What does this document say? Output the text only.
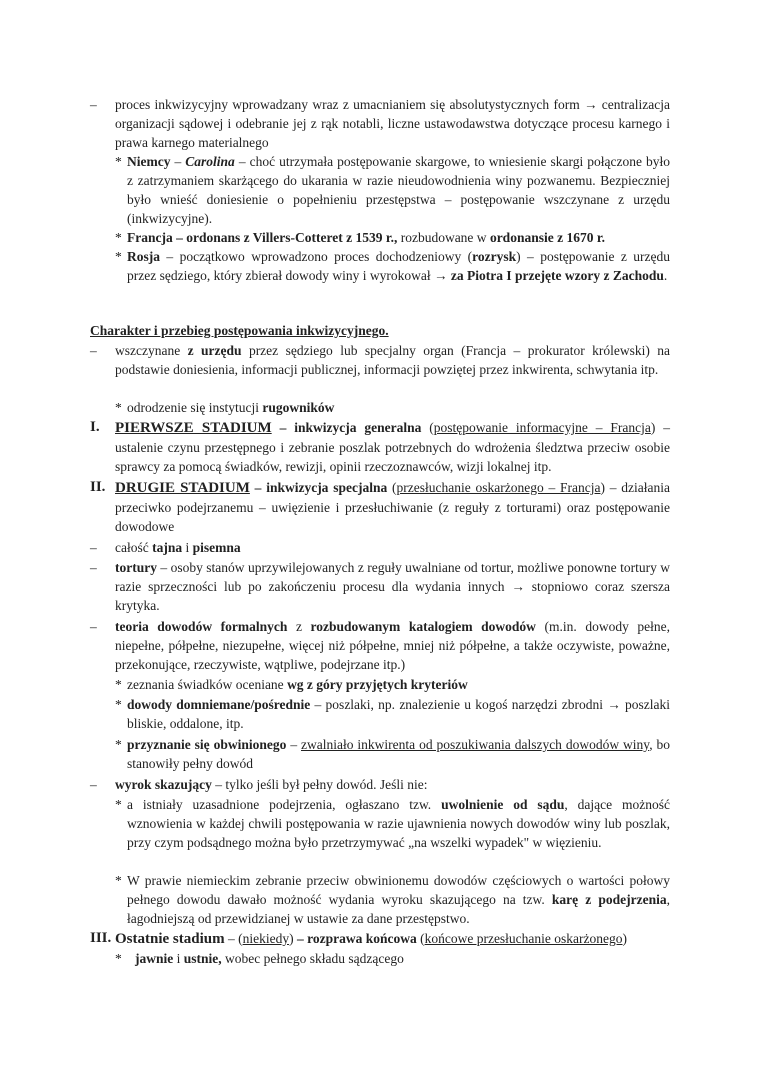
– proces inkwizycyjny wprowadzany wraz z umacnianiem się absolutystycznych form → centralizacja organizacji sądowej i odebranie jej z rąk notabli, liczne ustawodawstwa dotyczące procesu karnego i prawa karnego materialnego
* Niemcy – Carolina – choć utrzymała postępowanie skargowe, to wniesienie skargi połączone było z zatrzymaniem skarżącego do ukarania w razie nieudowodnienia winy pozwanemu. Bezpieczniej było wnieść doniesienie o popełnieniu przestępstwa – postępowanie wszczynane z urzędu (inkwizycyjne).
* Francja – ordonans z Villers-Cotteret z 1539 r., rozbudowane w ordonansie z 1670 r.
* Rosja – początkowo wprowadzono proces dochodzeniowy (rozrysk) – postępowanie z urzędu przez sędziego, który zbierał dowody winy i wyrokował → za Piotra I przejęte wzory z Zachodu.
Charakter i przebieg postępowania inkwizycyjnego.
– wszczynane z urzędu przez sędziego lub specjalny organ (Francja – prokurator królewski) na podstawie doniesienia, informacji publicznej, informacji powziętej przez inkwirenta, schwytania itp.
* odrodzenie się instytucji rugowników
I. PIERWSZE STADIUM – inkwizycja generalna (postępowanie informacyjne – Francja) – ustalenie czynu przestępnego i zebranie poszlak potrzebnych do wdrożenia śledztwa przeciw osobie sprawcy za pomocą świadków, rewizji, opinii rzeczoznawców, wizji lokalnej itp.
II. DRUGIE STADIUM – inkwizycja specjalna (przesłuchanie oskarżonego – Francja) – działania przeciwko podejrzanemu – uwięzienie i przesłuchiwanie (z reguły z torturami) oraz postępowanie dowodowe
– całość tajna i pisemna
– tortury – osoby stanów uprzywilejowanych z reguły uwalniane od tortur, możliwe ponowne tortury w razie sprzeczności lub po zakończeniu procesu dla wydania innych → stopniowo coraz szersza krytyka.
– teoria dowodów formalnych z rozbudowanym katalogiem dowodów (m.in. dowody pełne, niepełne, półpełne, niezupełne, więcej niż półpełne, mniej niż półpełne, a także oczywiste, poważne, przekonujące, rzeczywiste, wątpliwe, podejrzane itp.)
* zeznania świadków oceniane wg z góry przyjętych kryteriów
* dowody domniemane/pośrednie – poszlaki, np. znalezienie u kogoś narzędzi zbrodni → poszlaki bliskie, oddalone, itp.
* przyznanie się obwinionego – zwalniało inkwirenta od poszukiwania dalszych dowodów winy, bo stanowiły pełny dowód
– wyrok skazujący – tylko jeśli był pełny dowód. Jeśli nie:
* a istniały uzasadnione podejrzenia, ogłaszano tzw. uwolnienie od sądu, dające możność wznowienia w każdej chwili postępowania w razie ujawnienia nowych dowodów winy lub poszlak, przy czym podsądnego można było przetrzymywać „na wszelki wypadek" w więzieniu.
* W prawie niemieckim zebranie przeciw obwinionemu dowodów częściowych o wartości połowy pełnego dowodu dawało możność wydania wyroku skazującego na tzw. karę z podejrzenia, łagodniejszą od przewidzianej w ustawie za dane przestępstwo.
III. Ostatnie stadium – (niekiedy) – rozprawa końcowa (końcowe przesłuchanie oskarżonego)
* jawnie i ustnie, wobec pełnego składu sądzącego
